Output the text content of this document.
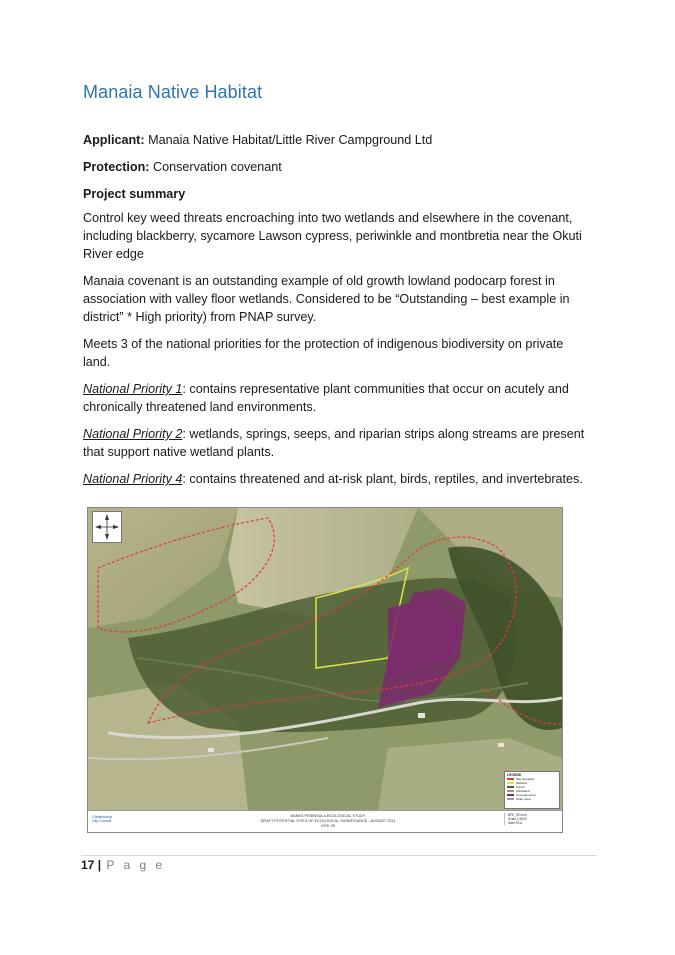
Manaia Native Habitat

Applicant: Manaia Native Habitat/Little River Campground Ltd

Protection: Conservation covenant

Project summary

Control key weed threats encroaching into two wetlands and elsewhere in the covenant, including blackberry, sycamore Lawson cypress, periwinkle and montbretia near the Okuti River edge

Manaia covenant is an outstanding example of old growth lowland podocarp forest in association with valley floor wetlands. Considered to be “Outstanding – best example in district” * High priority) from PNAP survey.

Meets 3 of the national priorities for the protection of indigenous biodiversity on private land.

National Priority 1: contains representative plant communities that occur on acutely and chronically threatened land environments.

National Priority 2: wetlands, springs, seeps, and riparian strips along streams are present that support native wetland plants.

National Priority 4: contains threatened and at-risk plant, birds, reptiles, and invertebrates.

LEGEND
Site boundary
Wetland
Forest
Shrubland
Covenant area
Study area
Christchurch
City Council
BANKS PENINSULA ECOLOGICAL STUDY
DRAFT POTENTIAL SITES OF ECOLOGICAL SIGNIFICANCE - AUGUST 2011
SITE 99
BPE_99.mxd
Scale 1:5000
Date 2011
17 | P a g e
